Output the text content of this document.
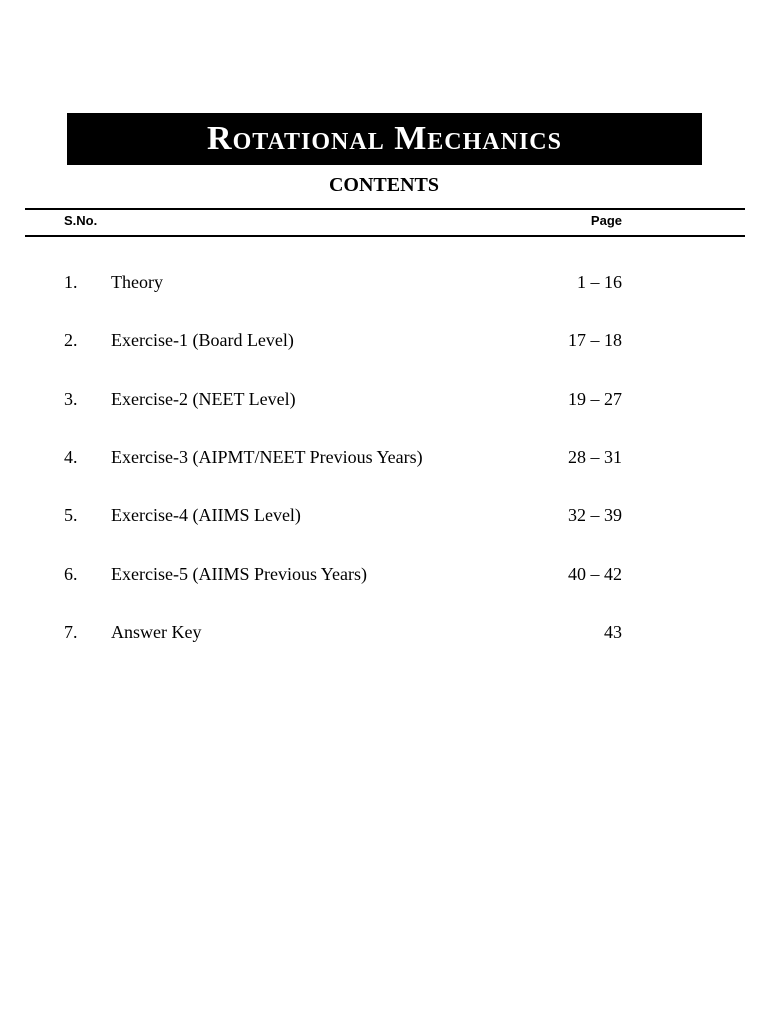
Rotational Mechanics
CONTENTS
S.No.	Page
1. Theory	1 – 16
2. Exercise-1 (Board Level)	17 – 18
3. Exercise-2 (NEET Level)	19 – 27
4. Exercise-3 (AIPMT/NEET Previous Years)	28 – 31
5. Exercise-4 (AIIMS Level)	32 – 39
6. Exercise-5 (AIIMS Previous Years)	40 – 42
7. Answer Key	43
